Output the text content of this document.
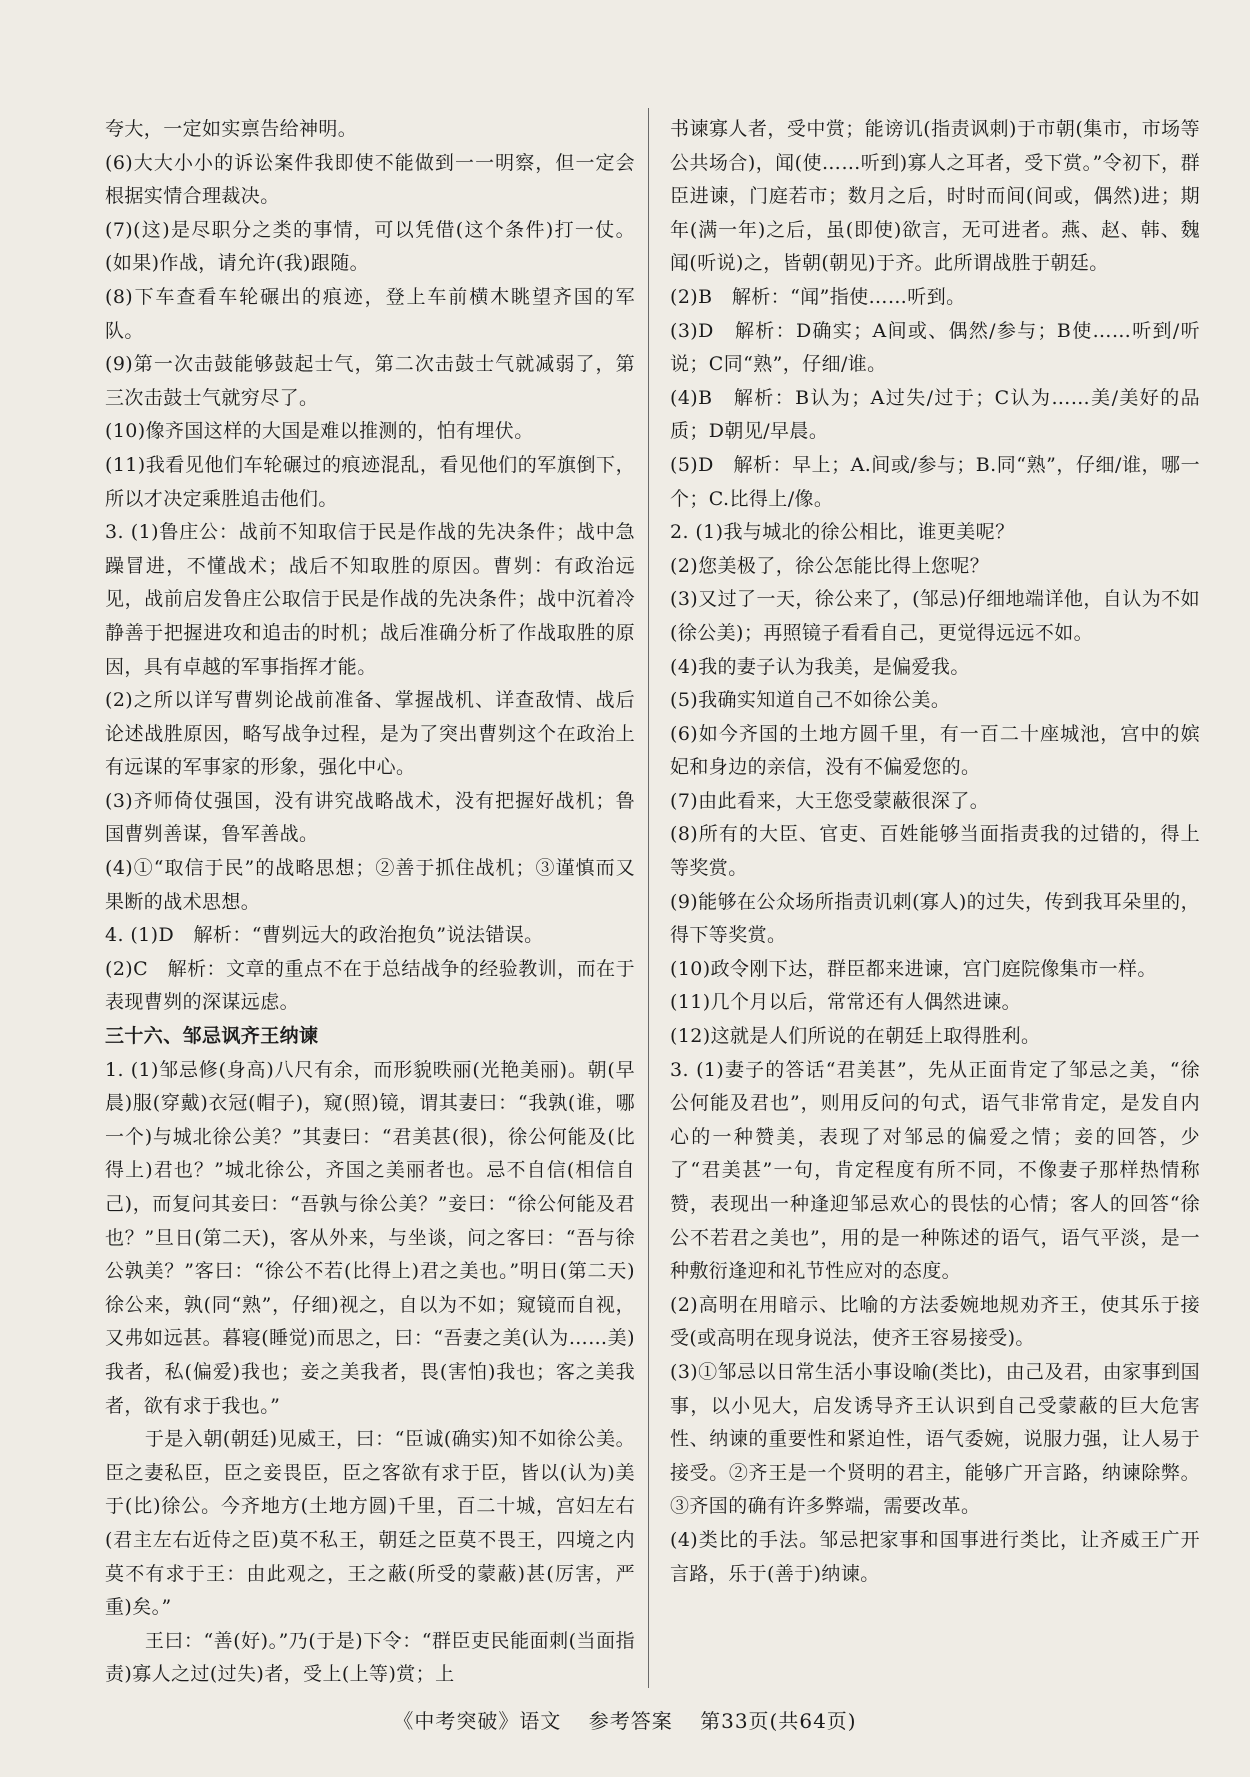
夸大，一定如实禀告给神明。

(6)大大小小的诉讼案件我即使不能做到一一明察，但一定会根据实情合理裁决。

(7)(这)是尽职分之类的事情，可以凭借(这个条件)打一仗。(如果)作战，请允许(我)跟随。

(8)下车查看车轮碾出的痕迹，登上车前横木眺望齐国的军队。

(9)第一次击鼓能够鼓起士气，第二次击鼓士气就减弱了，第三次击鼓士气就穷尽了。

(10)像齐国这样的大国是难以推测的，怕有埋伏。

(11)我看见他们车轮碾过的痕迹混乱，看见他们的军旗倒下，所以才决定乘胜追击他们。

3. (1)鲁庄公：战前不知取信于民是作战的先决条件；战中急躁冒进，不懂战术；战后不知取胜的原因。曹刿：有政治远见，战前启发鲁庄公取信于民是作战的先决条件；战中沉着冷静善于把握进攻和追击的时机；战后准确分析了作战取胜的原因，具有卓越的军事指挥才能。

(2)之所以详写曹刿论战前准备、掌握战机、详查敌情、战后论述战胜原因，略写战争过程，是为了突出曹刿这个在政治上有远谋的军事家的形象，强化中心。

(3)齐师倚仗强国，没有讲究战略战术，没有把握好战机；鲁国曹刿善谋，鲁军善战。

(4)①“取信于民”的战略思想；②善于抓住战机；③谨慎而又果断的战术思想。

4. (1)D　解析：“曹刿远大的政治抱负”说法错误。

(2)C　解析：文章的重点不在于总结战争的经验教训，而在于表现曹刿的深谋远虑。

三十六、邹忌讽齐王纳谏

1. (1)邹忌修(身高)八尺有余，而形貌昳丽(光艳美丽)。朝(早晨)服(穿戴)衣冠(帽子)，窥(照)镜，谓其妻曰：“我孰(谁，哪一个)与城北徐公美？”其妻曰：“君美甚(很)，徐公何能及(比得上)君也？”城北徐公，齐国之美丽者也。忌不自信(相信自己)，而复问其妾曰：“吾孰与徐公美？”妾曰：“徐公何能及君也？”旦日(第二天)，客从外来，与坐谈，问之客曰：“吾与徐公孰美？”客曰：“徐公不若(比得上)君之美也。”明日(第二天)徐公来，孰(同“熟”，仔细)视之，自以为不如；窥镜而自视，又弗如远甚。暮寝(睡觉)而思之，曰：“吾妻之美(认为……美)我者，私(偏爱)我也；妾之美我者，畏(害怕)我也；客之美我者，欲有求于我也。”

于是入朝(朝廷)见威王，曰：“臣诚(确实)知不如徐公美。臣之妻私臣，臣之妾畏臣，臣之客欲有求于臣，皆以(认为)美于(比)徐公。今齐地方(土地方圆)千里，百二十城，宫妇左右(君主左右近侍之臣)莫不私王，朝廷之臣莫不畏王，四境之内莫不有求于王：由此观之，王之蔽(所受的蒙蔽)甚(厉害，严重)矣。”

王曰：“善(好)。”乃(于是)下令：“群臣吏民能面刺(当面指责)寡人之过(过失)者，受上(上等)赏；上

书谏寡人者，受中赏；能谤讥(指责讽刺)于市朝(集市，市场等公共场合)，闻(使……听到)寡人之耳者，受下赏。”令初下，群臣进谏，门庭若市；数月之后，时时而间(间或，偶然)进；期年(满一年)之后，虽(即使)欲言，无可进者。燕、赵、韩、魏闻(听说)之，皆朝(朝见)于齐。此所谓战胜于朝廷。

(2)B　解析：“闻”指使……听到。

(3)D　解析：D确实；A间或、偶然/参与；B使……听到/听说；C同“熟”，仔细/谁。

(4)B　解析：B认为；A过失/过于；C认为……美/美好的品质；D朝见/早晨。

(5)D　解析：早上；A.间或/参与；B.同“熟”，仔细/谁，哪一个；C.比得上/像。

2. (1)我与城北的徐公相比，谁更美呢？

(2)您美极了，徐公怎能比得上您呢？

(3)又过了一天，徐公来了，(邹忌)仔细地端详他，自认为不如(徐公美)；再照镜子看看自己，更觉得远远不如。

(4)我的妻子认为我美，是偏爱我。

(5)我确实知道自己不如徐公美。

(6)如今齐国的土地方圆千里，有一百二十座城池，宫中的嫔妃和身边的亲信，没有不偏爱您的。

(7)由此看来，大王您受蒙蔽很深了。

(8)所有的大臣、官吏、百姓能够当面指责我的过错的，得上等奖赏。

(9)能够在公众场所指责讥刺(寡人)的过失，传到我耳朵里的，得下等奖赏。

(10)政令刚下达，群臣都来进谏，宫门庭院像集市一样。

(11)几个月以后，常常还有人偶然进谏。

(12)这就是人们所说的在朝廷上取得胜利。

3. (1)妻子的答话“君美甚”，先从正面肯定了邹忌之美，“徐公何能及君也”，则用反问的句式，语气非常肯定，是发自内心的一种赞美，表现了对邹忌的偏爱之情；妾的回答，少了“君美甚”一句，肯定程度有所不同，不像妻子那样热情称赞，表现出一种逢迎邹忌欢心的畏怯的心情；客人的回答“徐公不若君之美也”，用的是一种陈述的语气，语气平淡，是一种敷衍逢迎和礼节性应对的态度。

(2)高明在用暗示、比喻的方法委婉地规劝齐王，使其乐于接受(或高明在现身说法，使齐王容易接受)。

(3)①邹忌以日常生活小事设喻(类比)，由己及君，由家事到国事，以小见大，启发诱导齐王认识到自己受蒙蔽的巨大危害性、纳谏的重要性和紧迫性，语气委婉，说服力强，让人易于接受。②齐王是一个贤明的君主，能够广开言路，纳谏除弊。③齐国的确有许多弊端，需要改革。

(4)类比的手法。邹忌把家事和国事进行类比，让齐威王广开言路，乐于(善于)纳谏。

《中考突破》语文 参考答案 第33页(共64页)
